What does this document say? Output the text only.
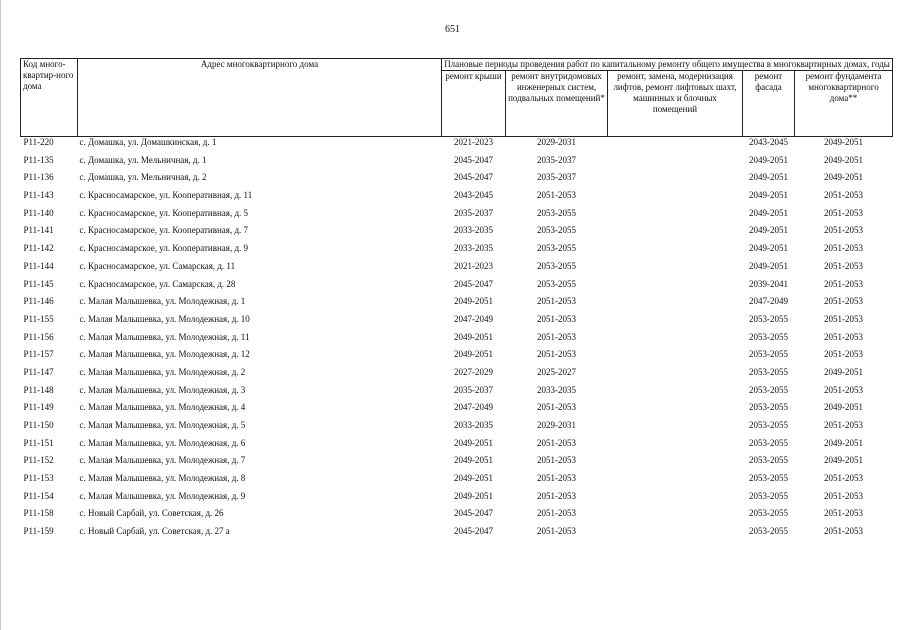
651
Код много-квартир-ного дома	Адрес многоквартирного дома	Плановые периоды проведения работ по капитальному ремонту общего имущества в многоквартирных домах, годы				
		ремонт крыши	ремонт внутридомовых инженерных систем, подвальных помещений*	ремонт, замена, модернизация лифтов, ремонт лифтовых шахт, машинных и блочных помещений	ремонт фасада	ремонт фундамента многоквартирного дома**
P11-220	с. Домашка, ул. Домашкинская, д. 1	2021-2023	2029-2031		2043-2045	2049-2051
P11-135	с. Домашка, ул. Мельничная, д. 1	2045-2047	2035-2037		2049-2051	2049-2051
P11-136	с. Домашка, ул. Мельничная, д. 2	2045-2047	2035-2037		2049-2051	2049-2051
P11-143	с. Красносамарское, ул. Кооперативная, д. 11	2043-2045	2051-2053		2049-2051	2051-2053
P11-140	с. Красносамарское, ул. Кооперативная, д. 5	2035-2037	2053-2055		2049-2051	2051-2053
P11-141	с. Красносамарское, ул. Кооперативная, д. 7	2033-2035	2053-2055		2049-2051	2051-2053
P11-142	с. Красносамарское, ул. Кооперативная, д. 9	2033-2035	2053-2055		2049-2051	2051-2053
P11-144	с. Красносамарское, ул. Самарская, д. 11	2021-2023	2053-2055		2049-2051	2051-2053
P11-145	с. Красносамарское, ул. Самарская, д. 28	2045-2047	2053-2055		2039-2041	2051-2053
P11-146	с. Малая Малышевка, ул. Молодежная, д. 1	2049-2051	2051-2053		2047-2049	2051-2053
P11-155	с. Малая Малышевка, ул. Молодежная, д. 10	2047-2049	2051-2053		2053-2055	2051-2053
P11-156	с. Малая Малышевка, ул. Молодежная, д. 11	2049-2051	2051-2053		2053-2055	2051-2053
P11-157	с. Малая Малышевка, ул. Молодежная, д. 12	2049-2051	2051-2053		2053-2055	2051-2053
P11-147	с. Малая Малышевка, ул. Молодежная, д. 2	2027-2029	2025-2027		2053-2055	2049-2051
P11-148	с. Малая Малышевка, ул. Молодежная, д. 3	2035-2037	2033-2035		2053-2055	2051-2053
P11-149	с. Малая Малышевка, ул. Молодежная, д. 4	2047-2049	2051-2053		2053-2055	2049-2051
P11-150	с. Малая Малышевка, ул. Молодежная, д. 5	2033-2035	2029-2031		2053-2055	2051-2053
P11-151	с. Малая Малышевка, ул. Молодежная, д. 6	2049-2051	2051-2053		2053-2055	2049-2051
P11-152	с. Малая Малышевка, ул. Молодежная, д. 7	2049-2051	2051-2053		2053-2055	2049-2051
P11-153	с. Малая Малышевка, ул. Молодежная, д. 8	2049-2051	2051-2053		2053-2055	2051-2053
P11-154	с. Малая Малышевка, ул. Молодежная, д. 9	2049-2051	2051-2053		2053-2055	2051-2053
P11-158	с. Новый Сарбай, ул. Советская, д. 26	2045-2047	2051-2053		2053-2055	2051-2053
P11-159	с. Новый Сарбай, ул. Советская, д. 27 а	2045-2047	2051-2053		2053-2055	2051-2053
